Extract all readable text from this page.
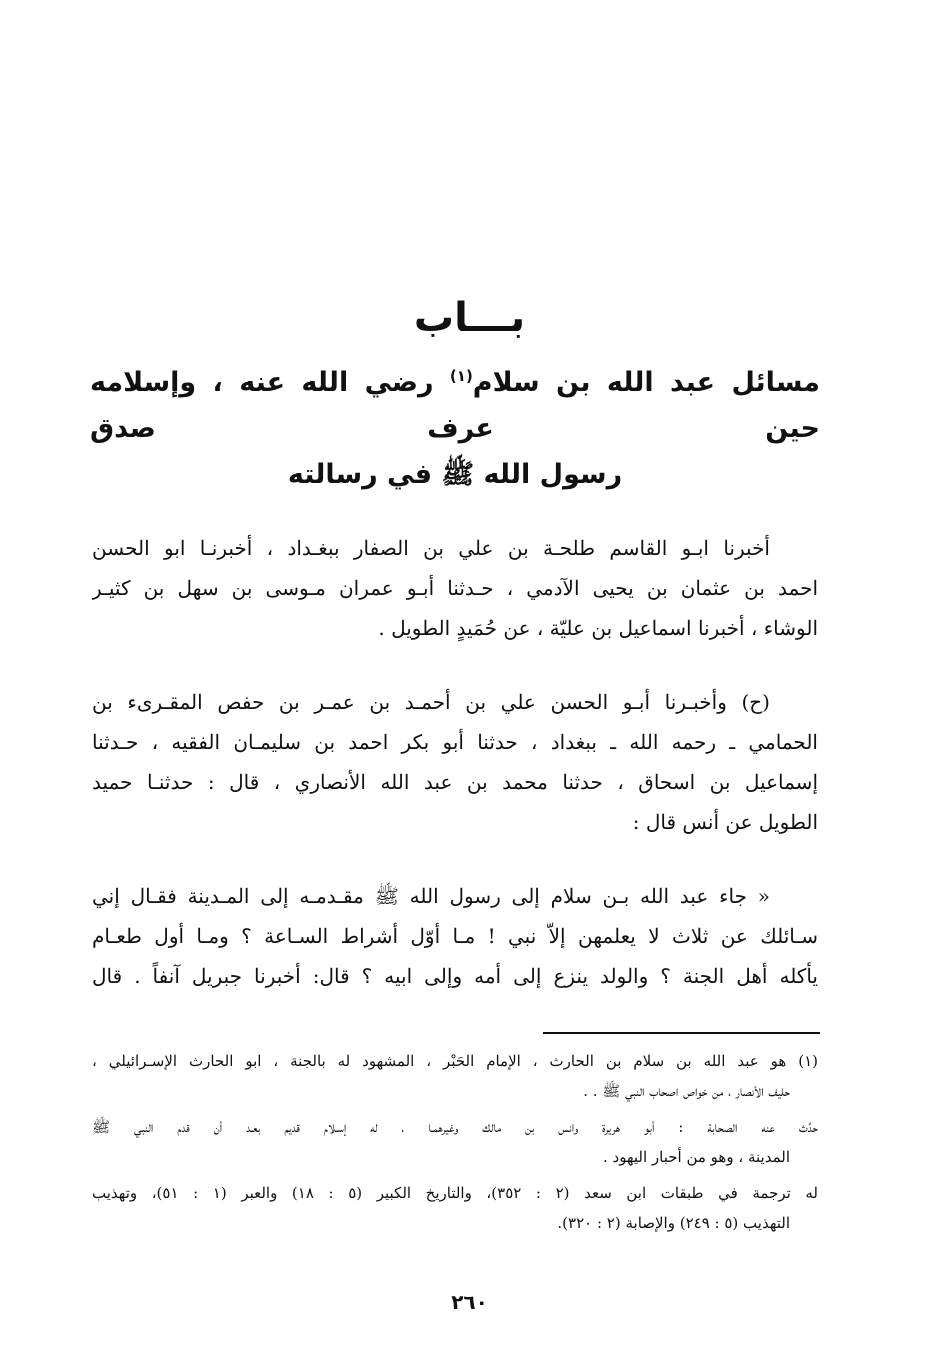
بـــاب
مسائل عبد الله بن سلام$^{(١)}$ رضي الله عنه ، وإسلامه حين عرف صدق
رسول الله ﷺ في رسالته
أخبرنا ابـو القاسم طلحـة بن علي بن الصفار ببغـداد ، أخبرنـا ابو الحسن
احمد بن عثمان بن يحيى الآدمي ، حـدثنا أبـو عمران مـوسى بن سهل بن كثيـر
الوشاء ، أخبرنا اسماعيل بن عليّة ، عن حُمَيدٍ الطويل .
(ح) وأخبـرنا أبـو الحسن علي بن أحمـد بن عمـر بن حفص المقـرىء بن
الحمامي ـ رحمه الله ـ ببغداد ، حدثنا أبو بكر احمد بن سليمـان الفقيه ، حـدثنا
إسماعيل بن اسحاق ، حدثنا محمد بن عبد الله الأنصاري ، قال : حدثنـا حميد
الطويل عن أنس قال :
« جاء عبد الله بـن سلام إلى رسول الله ﷺ مقـدمـه إلى المـدينة فقـال إني
سـائلك عن ثلاث لا يعلمهن إلاّ نبي ! مـا أوّل أشراط السـاعة ؟ ومـا أول طعـام
يأكله أهل الجنة ؟ والولد ينزع إلى أمه وإلى ابيه ؟ قال: أخبرنا جبريل آنفاً . قال
(١) هو عبد الله بن سلام بن الحارث ، الإمام الحَبْر ، المشهود له بالجنة ، ابو الحارث الإسـرائيلي ،
حليف الأنصار ، من خواص اصحاب النبي ﷺ . .
حدَّث عنه الصحابة : أبو هريرة وانس بن مالك وغيرهمـا ، له إسـلام قديم بعـد أن قدم النبي ﷺ
المدينة ، وهو من أحبار اليهود .
له ترجمة في طبقات ابن سعد (٢ : ٣٥٢)، والتاريخ الكبير (٥ : ١٨) والعبر (١ : ٥١)، وتهذيب
التهذيب (٥ : ٢٤٩) والإصابة (٢ : ٣٢٠).
٢٦٠
